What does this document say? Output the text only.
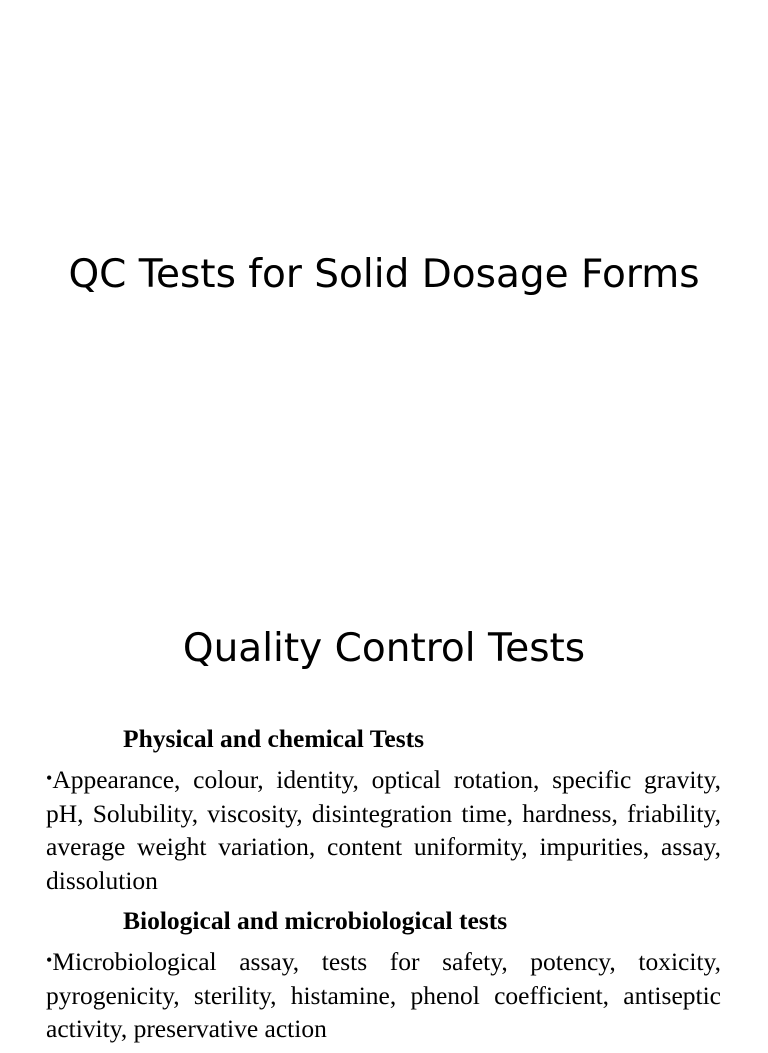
QC Tests for Solid Dosage Forms
Quality Control Tests

Physical and chemical Tests

•Appearance, colour, identity, optical rotation, specific gravity, pH, Solubility, viscosity, disintegration time, hardness, friability, average weight variation, content uniformity, impurities, assay, dissolution

Biological and microbiological tests

•Microbiological assay, tests for safety, potency, toxicity, pyrogenicity, sterility, histamine, phenol coefficient, antiseptic activity, preservative action
